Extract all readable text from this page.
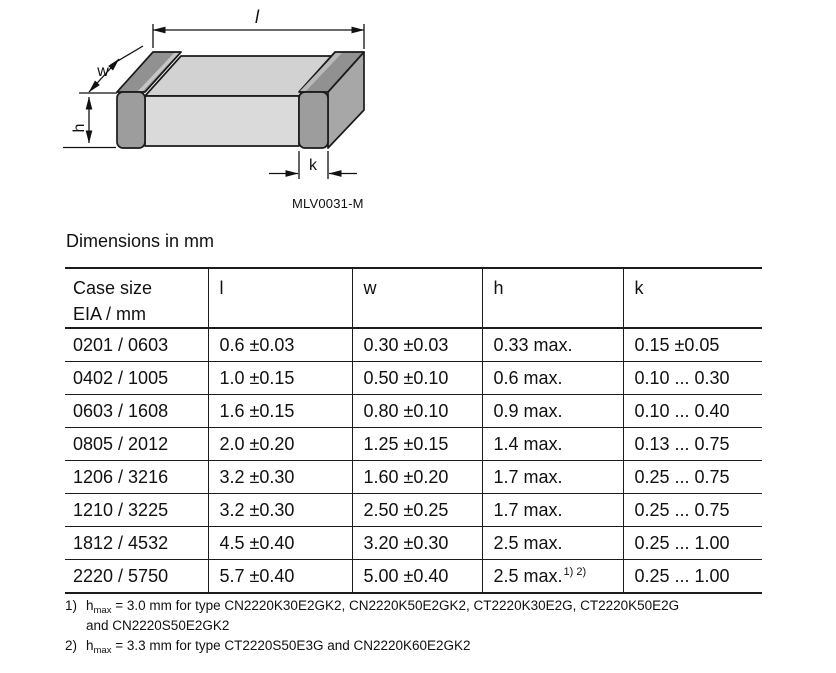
l
w
h
k
MLV0031-M
Dimensions in mm
Case size
EIA / mm	l	w	h	k
0201 / 0603	0.6 ±0.03	0.30 ±0.03	0.33 max.	0.15 ±0.05
0402 / 1005	1.0 ±0.15	0.50 ±0.10	0.6 max.	0.10 ... 0.30
0603 / 1608	1.6 ±0.15	0.80 ±0.10	0.9 max.	0.10 ... 0.40
0805 / 2012	2.0 ±0.20	1.25 ±0.15	1.4 max.	0.13 ... 0.75
1206 / 3216	3.2 ±0.30	1.60 ±0.20	1.7 max.	0.25 ... 0.75
1210 / 3225	3.2 ±0.30	2.50 ±0.25	1.7 max.	0.25 ... 0.75
1812 / 4532	4.5 ±0.40	3.20 ±0.30	2.5 max.	0.25 ... 1.00
2220 / 5750	5.7 ±0.40	5.00 ±0.40	2.5 max.$^{1) 2)}$	0.25 ... 1.00
1) $h_{max} = 3.0$ mm for type CN2220K30E2GK2, CN2220K50E2GK2, CT2220K30E2G, CT2220K50E2G
and CN2220S50E2GK2
2) $h_{max} = 3.3$ mm for type CT2220S50E3G and CN2220K60E2GK2
